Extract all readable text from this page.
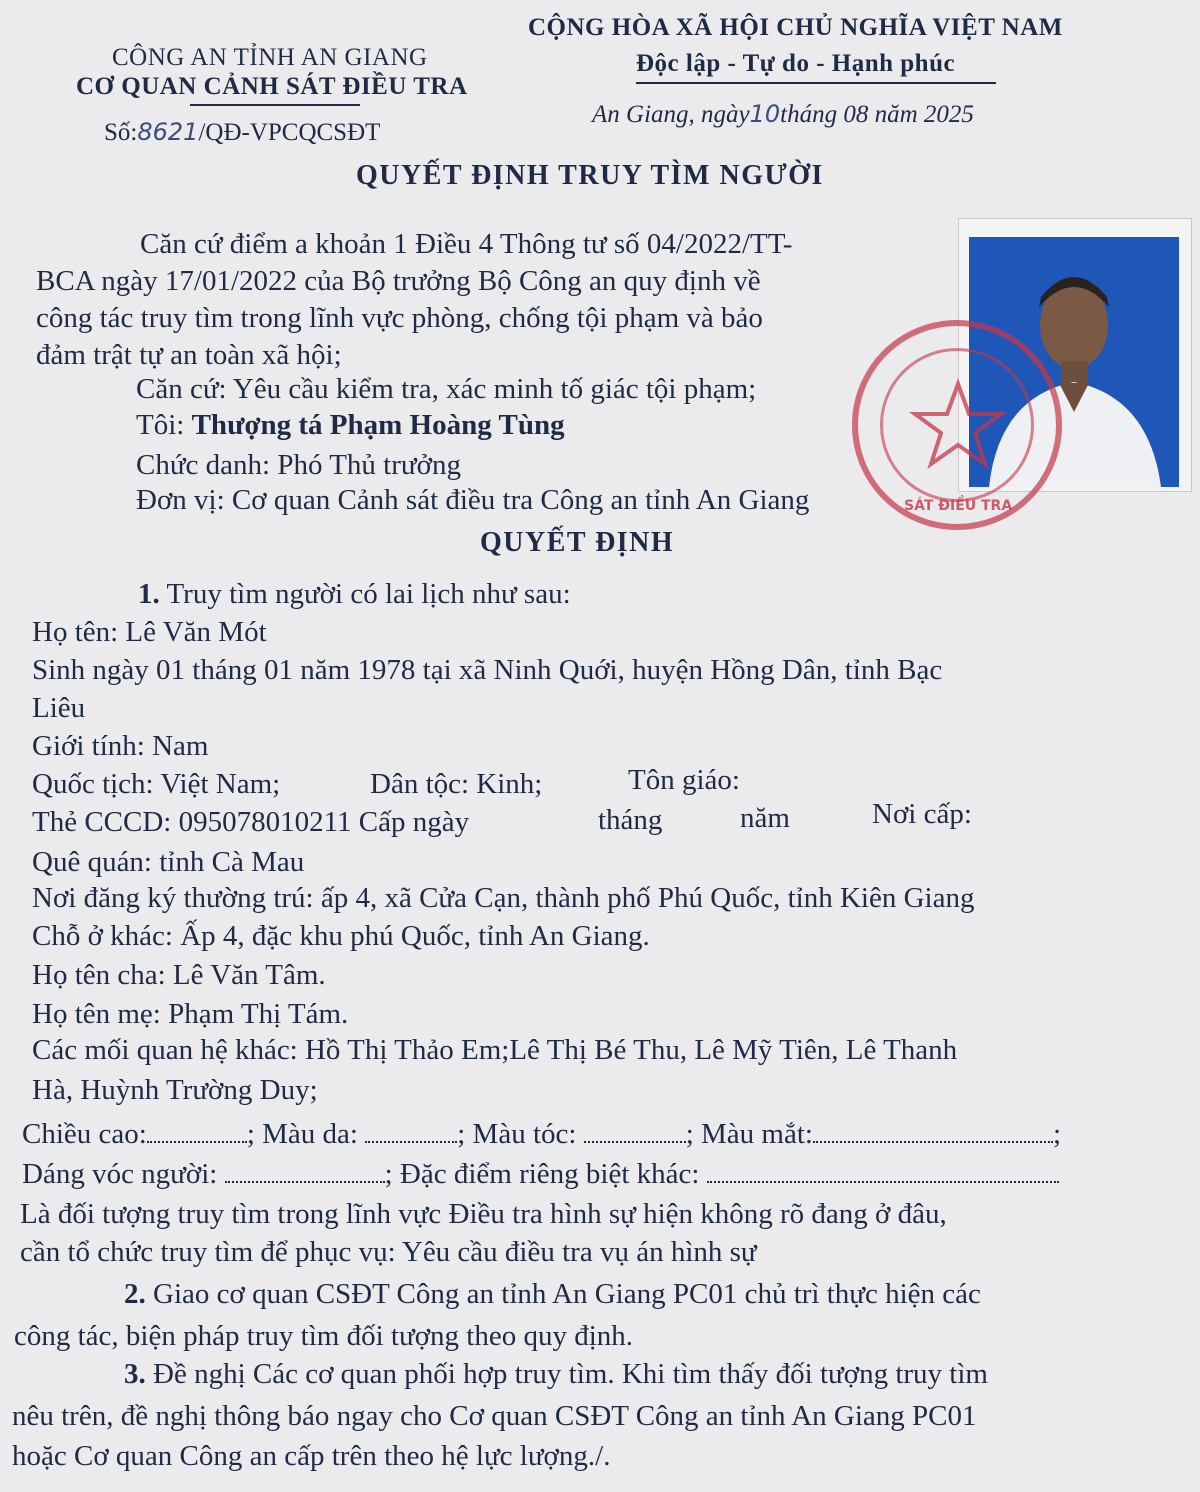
CÔNG AN TỈNH AN GIANG
CƠ QUAN CẢNH SÁT ĐIỀU TRA
Số:8621/QĐ-VPCQCSĐT
CỘNG HÒA XÃ HỘI CHỦ NGHĨA VIỆT NAM
Độc lập - Tự do - Hạnh phúc
An Giang, ngày10tháng 08 năm 2025
QUYẾT ĐỊNH TRUY TÌM NGƯỜI
SÁT ĐIỀU TRA
Căn cứ điểm a khoản 1 Điều 4 Thông tư số 04/2022/TT-
BCA ngày 17/01/2022 của Bộ trưởng Bộ Công an quy định về
công tác truy tìm trong lĩnh vực phòng, chống tội phạm và bảo
đảm trật tự an toàn xã hội;
Căn cứ: Yêu cầu kiểm tra, xác minh tố giác tội phạm;
Tôi: Thượng tá Phạm Hoàng Tùng
Chức danh: Phó Thủ trưởng
Đơn vị: Cơ quan Cảnh sát điều tra Công an tỉnh An Giang
QUYẾT ĐỊNH
1. Truy tìm người có lai lịch như sau:
Họ tên: Lê Văn Mót
Sinh ngày 01 tháng 01 năm 1978 tại xã Ninh Quới, huyện Hồng Dân, tỉnh Bạc
Liêu
Giới tính: Nam
Quốc tịch: Việt Nam;	Dân tộc: Kinh;	Tôn giáo:
Thẻ CCCD: 095078010211 Cấp ngày	tháng	năm	Nơi cấp:
Quê quán: tỉnh Cà Mau
Nơi đăng ký thường trú: ấp 4, xã Cửa Cạn, thành phố Phú Quốc, tỉnh Kiên Giang
Chỗ ở khác: Ấp 4, đặc khu phú Quốc, tỉnh An Giang.
Họ tên cha: Lê Văn Tâm.
Họ tên mẹ: Phạm Thị Tám.
Các mối quan hệ khác: Hồ Thị Thảo Em;Lê Thị Bé Thu, Lê Mỹ Tiên, Lê Thanh
Hà, Huỳnh Trường Duy;
Chiều cao:	; Màu da:	; Màu tóc:	; Màu mắt:	;
Dáng vóc người:	; Đặc điểm riêng biệt khác:
Là đối tượng truy tìm trong lĩnh vực Điều tra hình sự hiện không rõ đang ở đâu,
cần tổ chức truy tìm để phục vụ: Yêu cầu điều tra vụ án hình sự
2. Giao cơ quan CSĐT Công an tỉnh An Giang PC01 chủ trì thực hiện các
công tác, biện pháp truy tìm đối tượng theo quy định.
3. Đề nghị Các cơ quan phối hợp truy tìm. Khi tìm thấy đối tượng truy tìm
nêu trên, đề nghị thông báo ngay cho Cơ quan CSĐT Công an tỉnh An Giang PC01
hoặc Cơ quan Công an cấp trên theo hệ lực lượng./.
